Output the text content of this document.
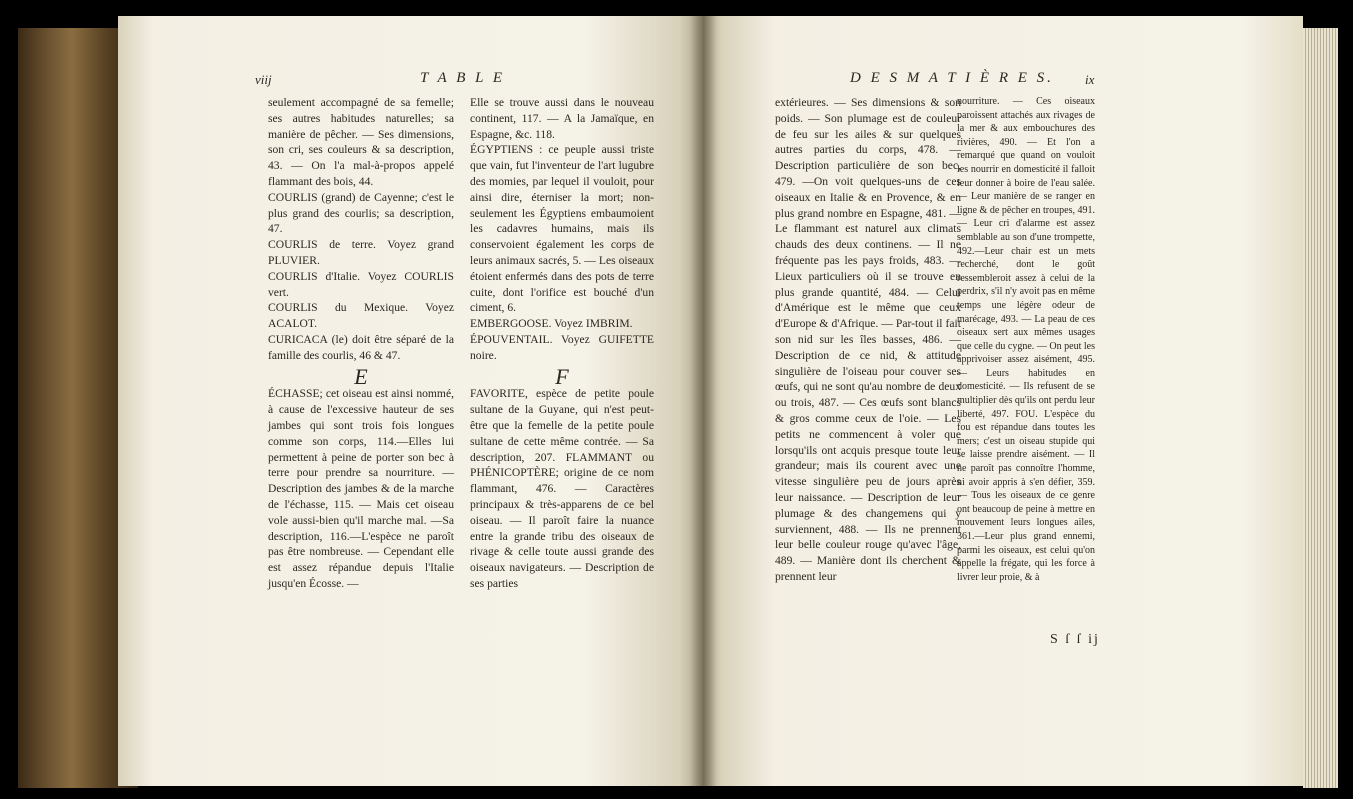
viij	T A B L E

seulement accompagné de sa femelle; ses autres habitudes naturelles; sa manière de pêcher. — Ses dimensions, son cri, ses couleurs & sa description, 43. — On l'a mal-à-propos appelé flammant des bois, 44.

COURLIS (grand) de Cayenne; c'est le plus grand des courlis; sa description, 47.

COURLIS de terre. Voyez grand PLUVIER.

COURLIS d'Italie. Voyez COURLIS vert.

COURLIS du Mexique. Voyez ACALOT.

CURICACA (le) doit être séparé de la famille des courlis, 46 & 47.

E

ÉCHASSE; cet oiseau est ainsi nommé, à cause de l'excessive hauteur de ses jambes qui sont trois fois longues comme son corps, 114.—Elles lui permettent à peine de porter son bec à terre pour prendre sa nourriture. — Description des jambes & de la marche de l'échasse, 115. — Mais cet oiseau vole aussi-bien qu'il marche mal. —Sa description, 116.—L'espèce ne paroît pas être nombreuse. — Cependant elle est assez répandue depuis l'Italie jusqu'en Écosse. —

Elle se trouve aussi dans le nouveau continent, 117. — A la Jamaïque, en Espagne, &c. 118.

ÉGYPTIENS : ce peuple aussi triste que vain, fut l'inventeur de l'art lugubre des momies, par lequel il vouloit, pour ainsi dire, éterniser la mort; non-seulement les Égyptiens embaumoient les cadavres humains, mais ils conservoient également les corps de leurs animaux sacrés, 5. — Les oiseaux étoient enfermés dans des pots de terre cuite, dont l'orifice est bouché d'un ciment, 6.

EMBERGOOSE. Voyez IMBRIM.

ÉPOUVENTAIL. Voyez GUIFETTE noire.

F

FAVORITE, espèce de petite poule sultane de la Guyane, qui n'est peut-être que la femelle de la petite poule sultane de cette même contrée. — Sa description, 207. FLAMMANT ou PHÉNICOPTÈRE; origine de ce nom flammant, 476. — Caractères principaux & très-apparens de ce bel oiseau. — Il paroît faire la nuance entre la grande tribu des oiseaux de rivage & celle toute aussi grande des oiseaux navigateurs. — Description de ses parties

D E S M A T I È R E S. ix

extérieures. — Ses dimensions & son poids. — Son plumage est de couleur de feu sur les ailes & sur quelques autres parties du corps, 478. — Description particulière de son bec, 479. —On voit quelques-uns de ces oiseaux en Italie & en Provence, & en plus grand nombre en Espagne, 481. — Le flammant est naturel aux climats chauds des deux continens. — Il ne fréquente pas les pays froids, 483. — Lieux particuliers où il se trouve en plus grande quantité, 484. — Celui d'Amérique est le même que ceux d'Europe & d'Afrique. — Par-tout il fait son nid sur les îles basses, 486. — Description de ce nid, & attitude singulière de l'oiseau pour couver ses œufs, qui ne sont qu'au nombre de deux ou trois, 487. — Ces œufs sont blancs & gros comme ceux de l'oie. — Les petits ne commencent à voler que lorsqu'ils ont acquis presque toute leur grandeur; mais ils courent avec une vitesse singulière peu de jours après leur naissance. — Description de leur plumage & des changemens qui y surviennent, 488. — Ils ne prennent leur belle couleur rouge qu'avec l'âge, 489. — Manière dont ils cherchent & prennent leur

nourriture. — Ces oiseaux paroissent attachés aux rivages de la mer & aux embouchures des rivières, 490. — Et l'on a remarqué que quand on vouloit les nourrir en domesticité il falloit leur donner à boire de l'eau salée. — Leur manière de se ranger en ligne & de pêcher en troupes, 491. — Leur cri d'alarme est assez semblable au son d'une trompette, 492.—Leur chair est un mets recherché, dont le goût ressembleroit assez à celui de la perdrix, s'il n'y avoit pas en même temps une légère odeur de marécage, 493. — La peau de ces oiseaux sert aux mêmes usages que celle du cygne. — On peut les apprivoiser assez aisément, 495. — Leurs habitudes en domesticité. — Ils refusent de se multiplier dès qu'ils ont perdu leur liberté, 497. FOU. L'espèce du fou est répandue dans toutes les mers; c'est un oiseau stupide qui se laisse prendre aisément. — Il ne paroît pas connoître l'homme, ni avoir appris à s'en défier, 359. — Tous les oiseaux de ce genre ont beaucoup de peine à mettre en mouvement leurs longues ailes, 361.—Leur plus grand ennemi, parmi les oiseaux, est celui qu'on appelle la frégate, qui les force à livrer leur proie, & à

S ſ ſ ij
